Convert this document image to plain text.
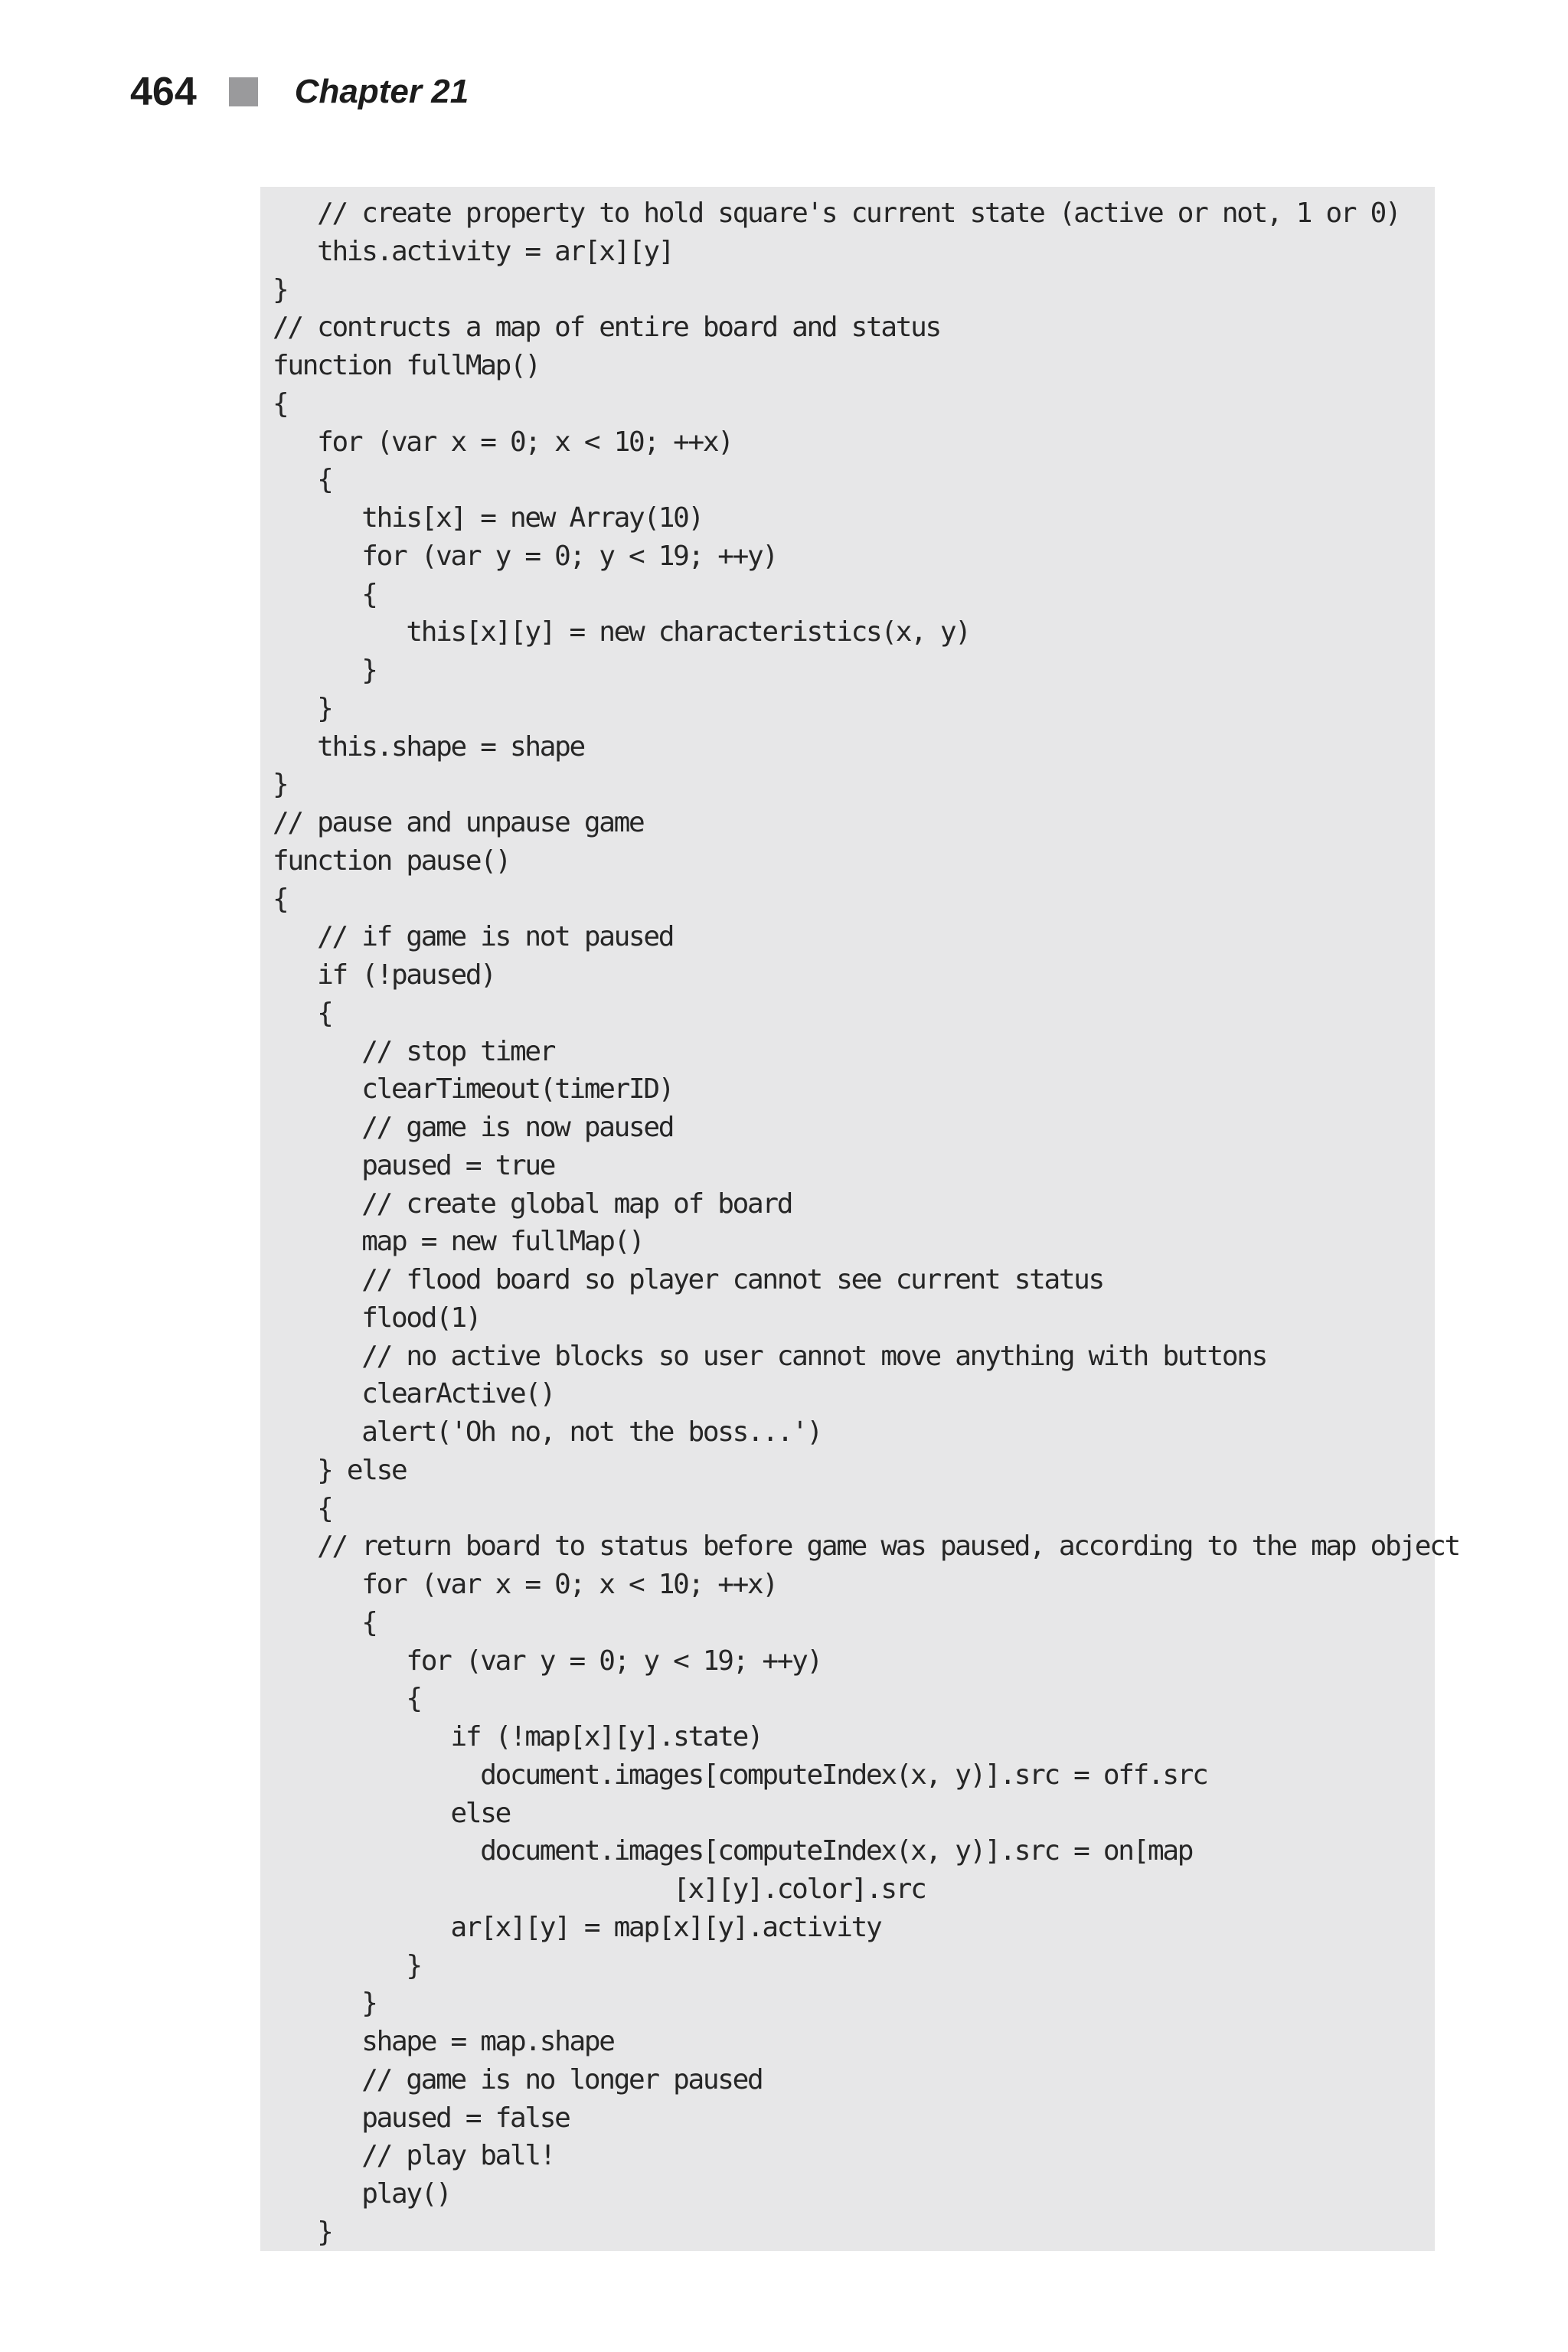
464	Chapter 21
// create property to hold square's current state (active or not, 1 or 0)
this.activity = ar[x][y]
}
// contructs a map of entire board and status
function fullMap()
{
for (var x = 0; x < 10; ++x)
{
this[x] = new Array(10)
for (var y = 0; y < 19; ++y)
{
this[x][y] = new characteristics(x, y)
}
}
this.shape = shape
}
// pause and unpause game
function pause()
{
// if game is not paused
if (!paused)
{
// stop timer
clearTimeout(timerID)
// game is now paused
paused = true
// create global map of board
map = new fullMap()
// flood board so player cannot see current status
flood(1)
// no active blocks so user cannot move anything with buttons
clearActive()
alert('Oh no, not the boss...')
} else
{
// return board to status before game was paused, according to the map object
for (var x = 0; x < 10; ++x)
{
for (var y = 0; y < 19; ++y)
{
if (!map[x][y].state)
document.images[computeIndex(x, y)].src = off.src
else
document.images[computeIndex(x, y)].src = on[map
[x][y].color].src
ar[x][y] = map[x][y].activity
}
}
shape = map.shape
// game is no longer paused
paused = false
// play ball!
play()
}
